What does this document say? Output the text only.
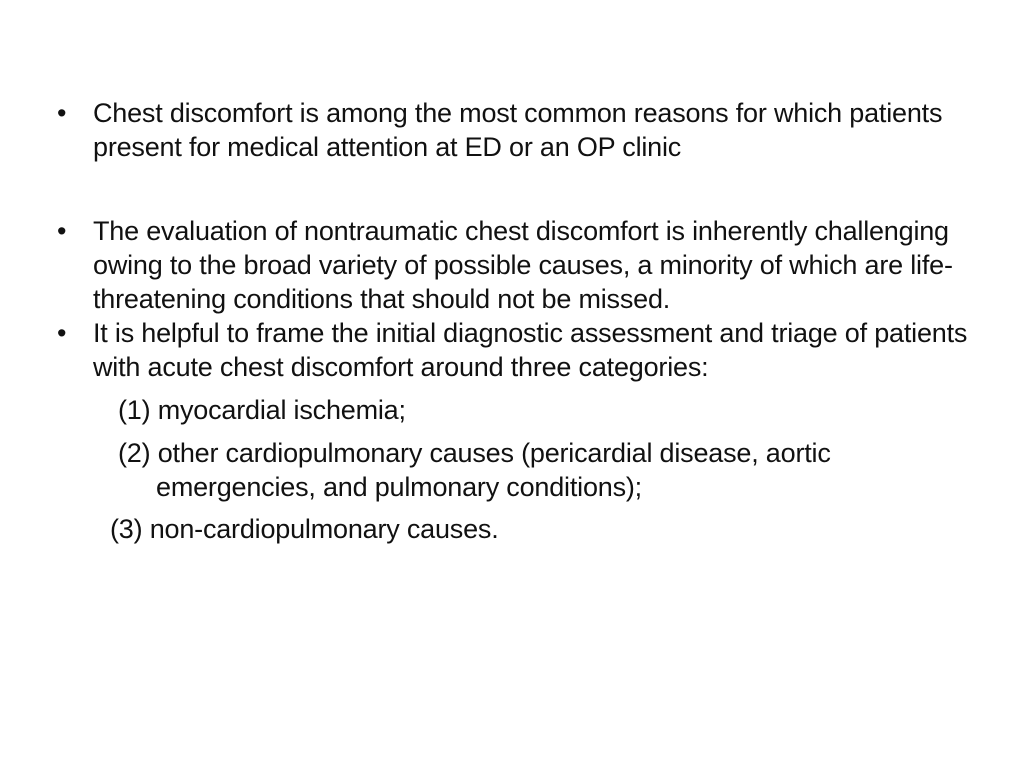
• Chest discomfort is among the most common reasons for which patients present for medical attention at ED or an OP clinic
• The evaluation of nontraumatic chest discomfort is inherently challenging owing to the broad variety of possible causes, a minority of which are life-threatening conditions that should not be missed.
• It is helpful to frame the initial diagnostic assessment and triage of patients with acute chest discomfort around three categories:
(1) myocardial ischemia;
(2) other cardiopulmonary causes (pericardial disease, aortic emergencies, and pulmonary conditions);
(3) non-cardiopulmonary causes.
